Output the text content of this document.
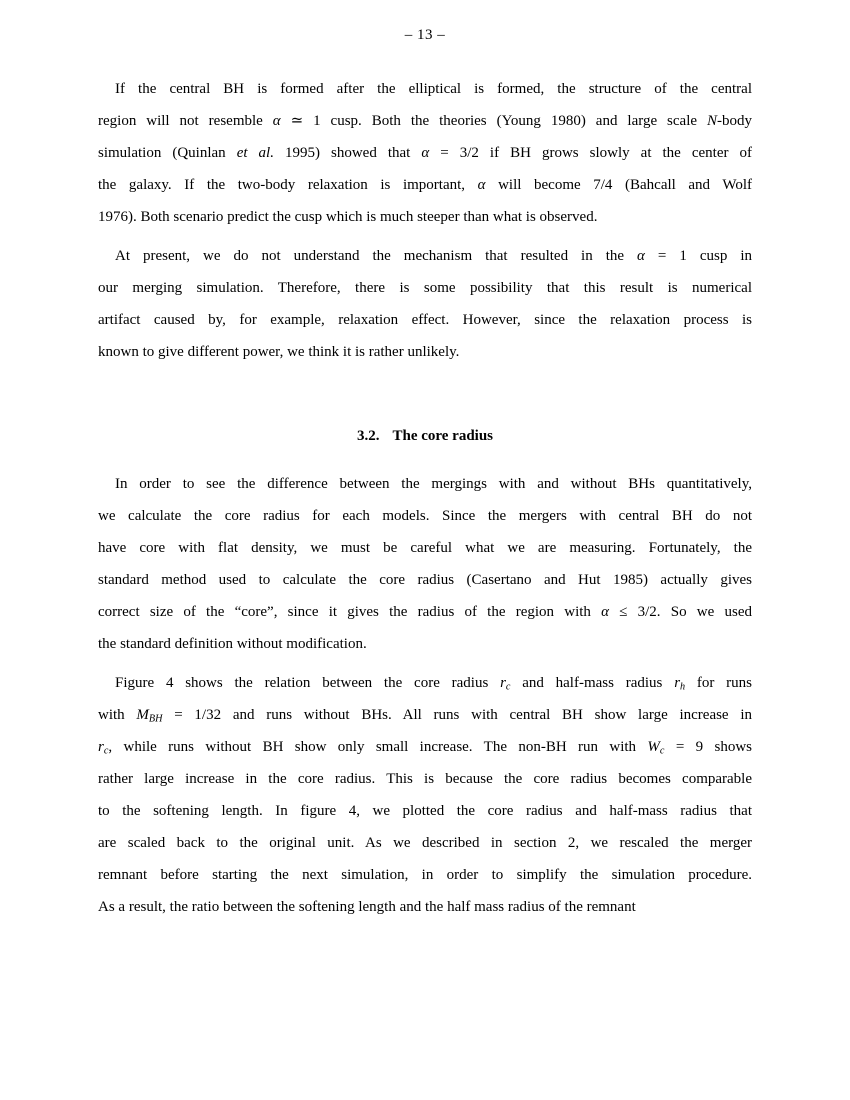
– 13 –
If the central BH is formed after the elliptical is formed, the structure of the central
region will not resemble α ≃ 1 cusp. Both the theories (Young 1980) and large scale N-body
simulation (Quinlan et al. 1995) showed that α = 3/2 if BH grows slowly at the center of
the galaxy. If the two-body relaxation is important, α will become 7/4 (Bahcall and Wolf
1976). Both scenario predict the cusp which is much steeper than what is observed.
At present, we do not understand the mechanism that resulted in the α = 1 cusp in
our merging simulation. Therefore, there is some possibility that this result is numerical
artifact caused by, for example, relaxation effect. However, since the relaxation process is
known to give different power, we think it is rather unlikely.
3.2. The core radius
In order to see the difference between the mergings with and without BHs quantitatively,
we calculate the core radius for each models. Since the mergers with central BH do not
have core with flat density, we must be careful what we are measuring. Fortunately, the
standard method used to calculate the core radius (Casertano and Hut 1985) actually gives
correct size of the “core”, since it gives the radius of the region with α ≤ 3/2. So we used
the standard definition without modification.
Figure 4 shows the relation between the core radius $r_c$ and half-mass radius $r_h$ for runs
with $M_{BH} = 1/32$ and runs without BHs. All runs with central BH show large increase in
$r_c$, while runs without BH show only small increase. The non-BH run with $W_c = 9$ shows
rather large increase in the core radius. This is because the core radius becomes comparable
to the softening length. In figure 4, we plotted the core radius and half-mass radius that
are scaled back to the original unit. As we described in section 2, we rescaled the merger
remnant before starting the next simulation, in order to simplify the simulation procedure.
As a result, the ratio between the softening length and the half mass radius of the remnant
